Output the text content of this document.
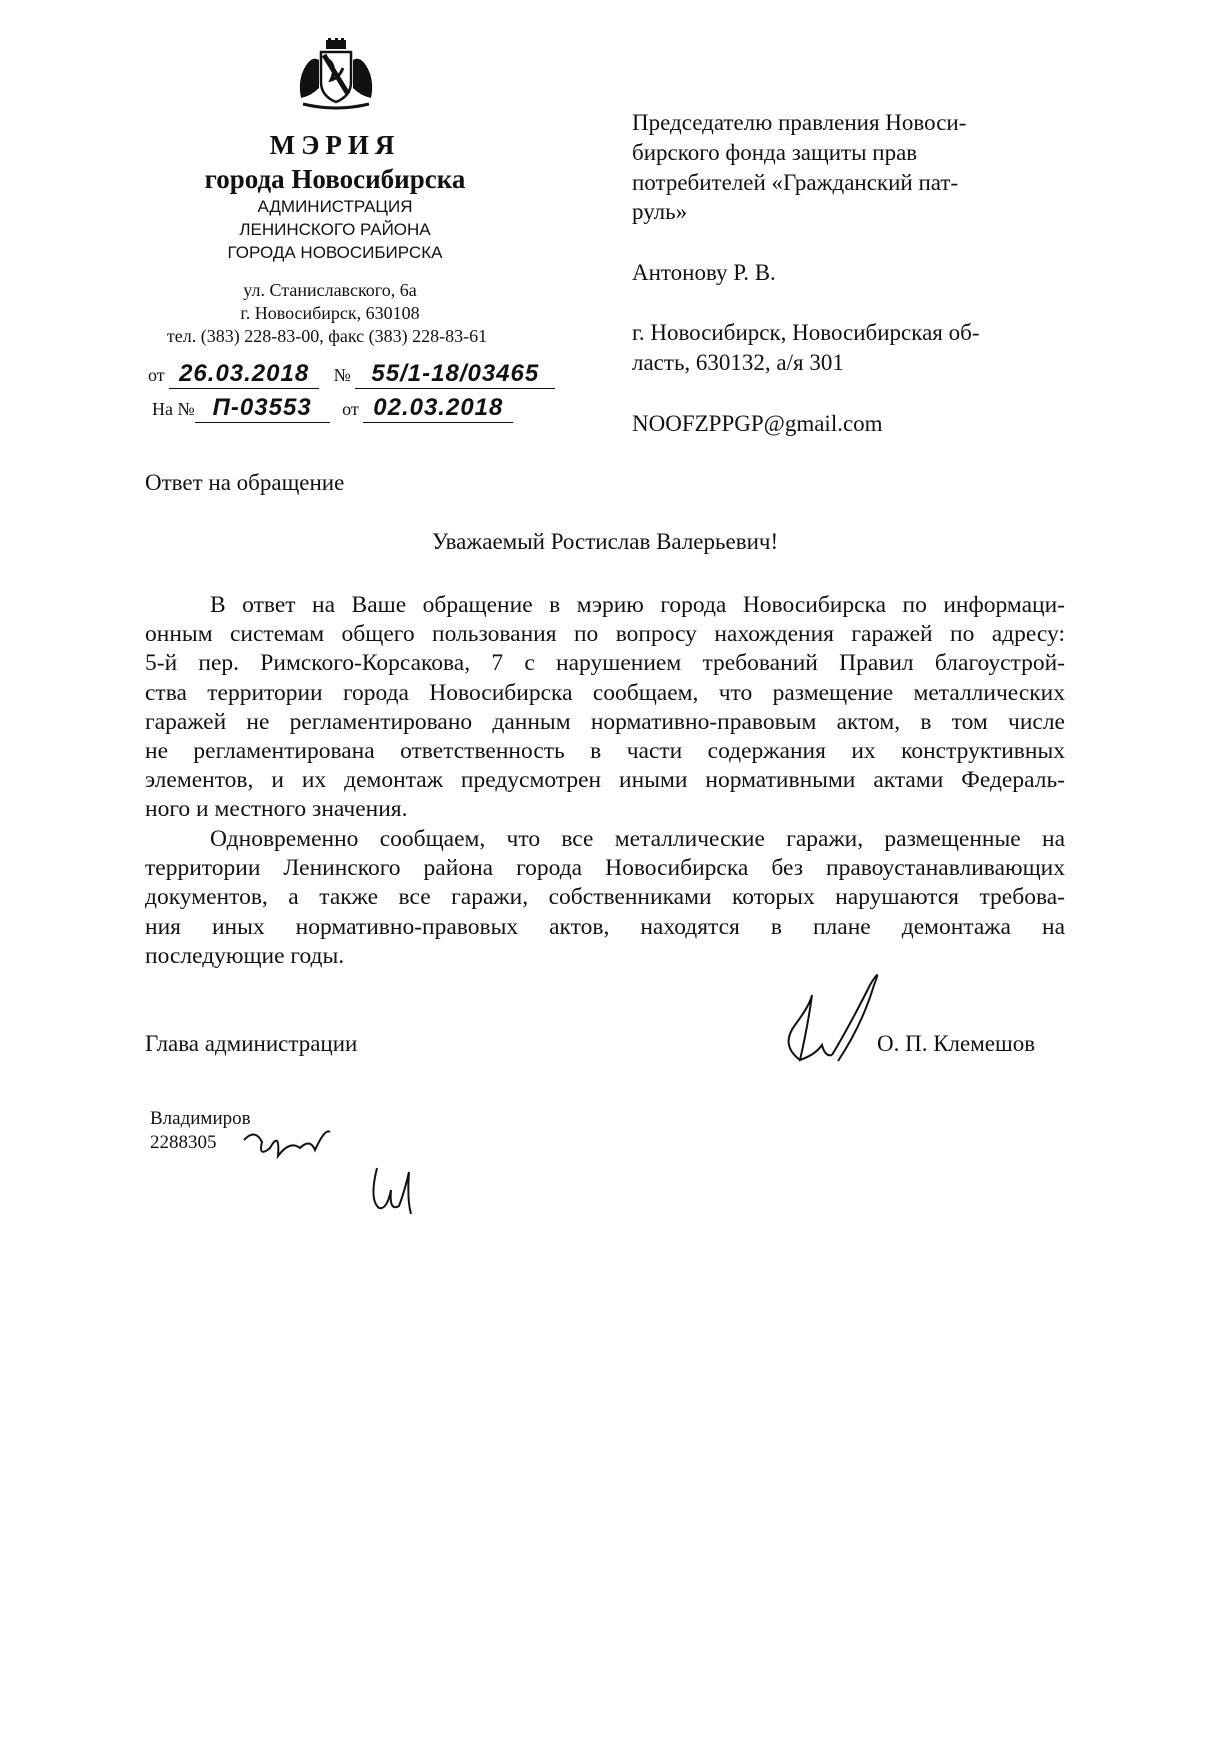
МЭРИЯ
города Новосибирска
АДМИНИСТРАЦИЯ
ЛЕНИНСКОГО РАЙОНА
ГОРОДА НОВОСИБИРСКА
ул. Станиславского, 6а
г. Новосибирск, 630108
тел. (383) 228-83-00, факс (383) 228-83-61
от 26.03.2018 № 55/1-18/03465
На № П-03553 от 02.03.2018
Председателю правления Новоси-
бирского фонда защиты прав
потребителей «Гражданский пат-
руль»
Антонову Р. В.
г. Новосибирск, Новосибирская об-
ласть, 630132, а/я 301
NOOFZPPGP@gmail.com
Ответ на обращение
Уважаемый Ростислав Валерьевич!
В ответ на Ваше обращение в мэрию города Новосибирска по информаци-
онным системам общего пользования по вопросу нахождения гаражей по адресу:
5-й пер. Римского-Корсакова, 7 с нарушением требований Правил благоустрой-
ства территории города Новосибирска сообщаем, что размещение металлических
гаражей не регламентировано данным нормативно-правовым актом, в том числе
не регламентирована ответственность в части содержания их конструктивных
элементов, и их демонтаж предусмотрен иными нормативными актами Федераль-
ного и местного значения.
Одновременно сообщаем, что все металлические гаражи, размещенные на
территории Ленинского района города Новосибирска без правоустанавливающих
документов, а также все гаражи, собственниками которых нарушаются требова-
ния иных нормативно-правовых актов, находятся в плане демонтажа на
последующие годы.
Глава администрации	О. П. Клемешов
Владимиров
2288305
